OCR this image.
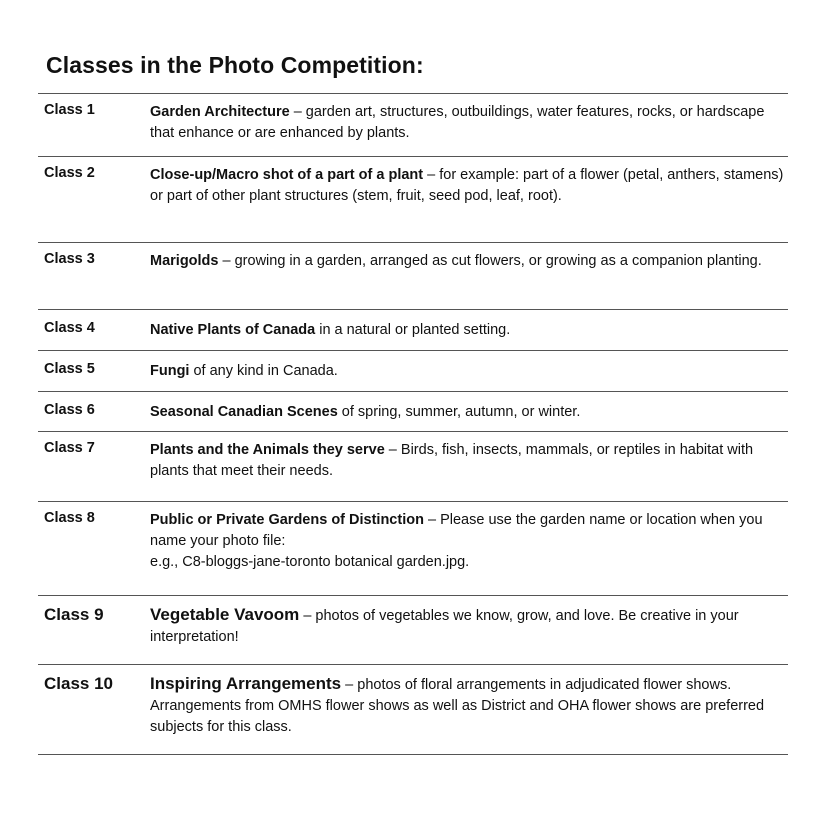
Classes in the Photo Competition:
Class 1	Garden Architecture – garden art, structures, outbuildings, water features, rocks, or hardscape that enhance or are enhanced by plants.
Class 2	Close-up/Macro shot of a part of a plant – for example: part of a flower (petal, anthers, stamens) or part of other plant structures (stem, fruit, seed pod, leaf, root).
Class 3	Marigolds – growing in a garden, arranged as cut flowers, or growing as a companion planting.
Class 4	Native Plants of Canada in a natural or planted setting.
Class 5	Fungi of any kind in Canada.
Class 6	Seasonal Canadian Scenes of spring, summer, autumn, or winter.
Class 7	Plants and the Animals they serve – Birds, fish, insects, mammals, or reptiles in habitat with plants that meet their needs.
Class 8	Public or Private Gardens of Distinction – Please use the garden name or location when you name your photo file:
e.g., C8-bloggs-jane-toronto botanical garden.jpg.
Class 9	Vegetable Vavoom – photos of vegetables we know, grow, and love. Be creative in your interpretation!
Class 10	Inspiring Arrangements – photos of floral arrangements in adjudicated flower shows. Arrangements from OMHS flower shows as well as District and OHA flower shows are preferred subjects for this class.
